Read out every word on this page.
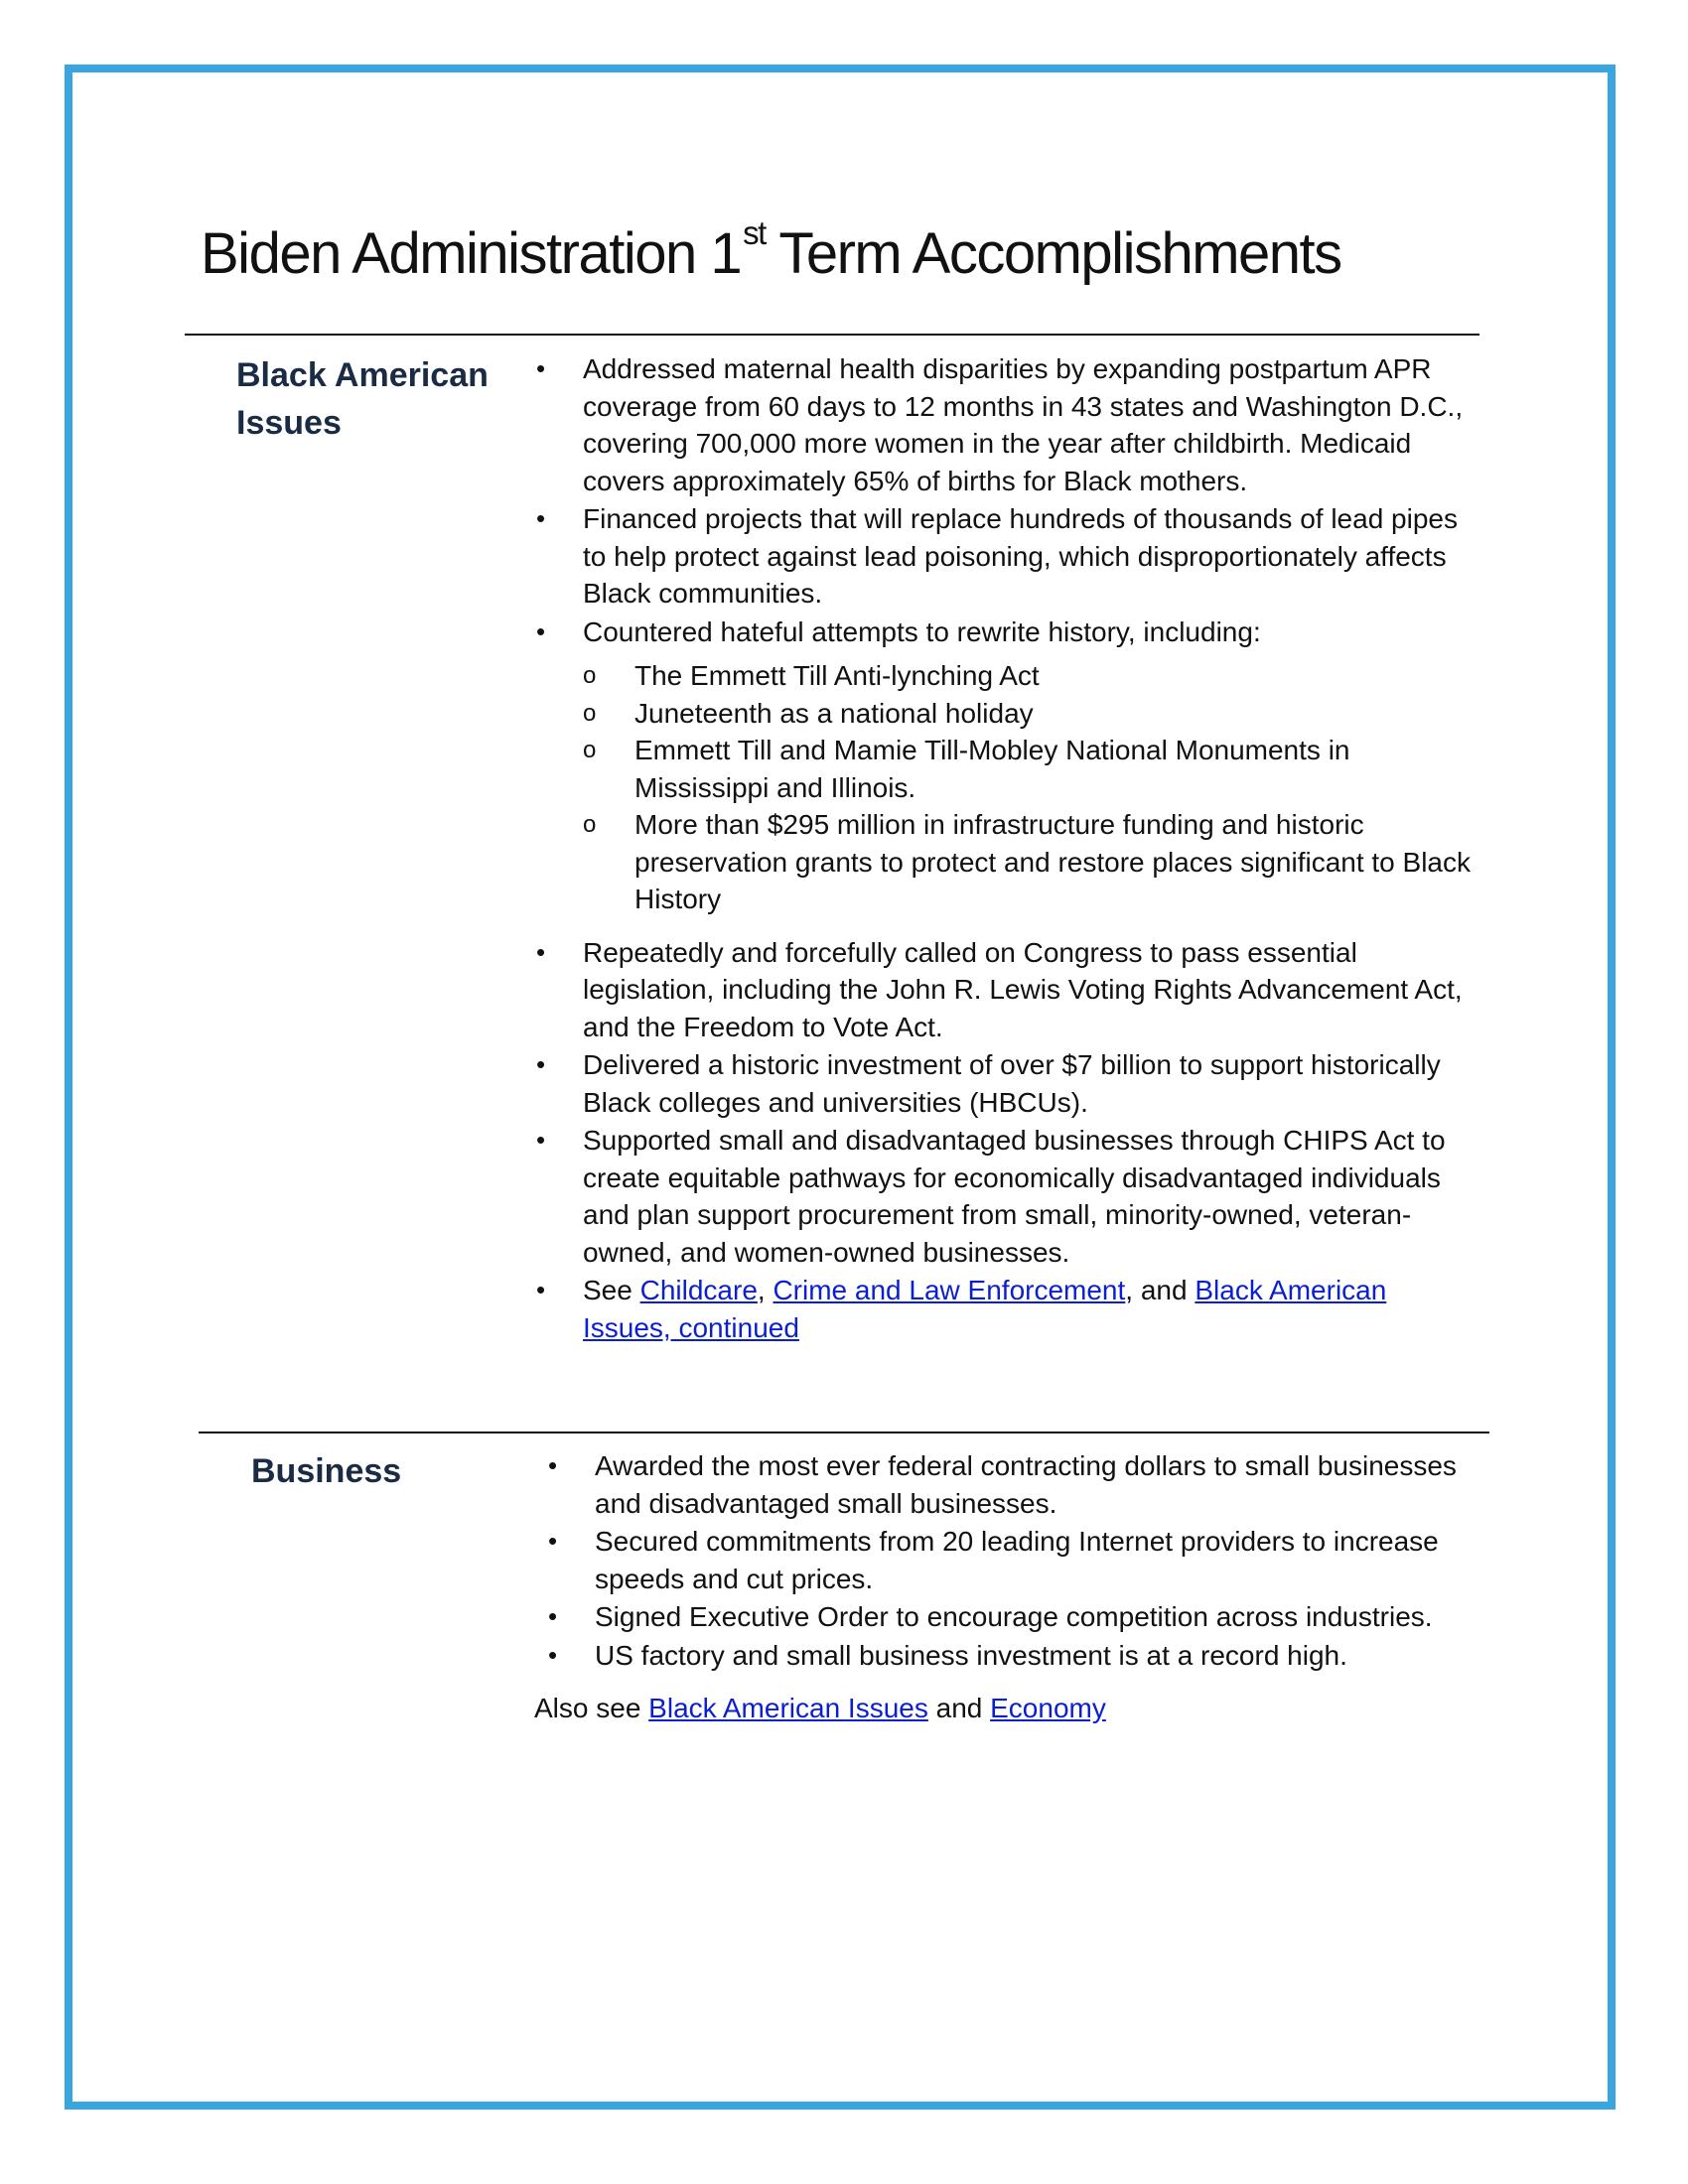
Biden Administration 1st Term Accomplishments
Black American Issues
•	Addressed maternal health disparities by expanding postpartum APR coverage from 60 days to 12 months in 43 states and Washington D.C., covering 700,000 more women in the year after childbirth. Medicaid covers approximately 65% of births for Black mothers.
•	Financed projects that will replace hundreds of thousands of lead pipes to help protect against lead poisoning, which disproportionately affects Black communities.
•	Countered hateful attempts to rewrite history, including:
o The Emmett Till Anti-lynching Act
o Juneteenth as a national holiday
o Emmett Till and Mamie Till-Mobley National Monuments in Mississippi and Illinois.
o More than $295 million in infrastructure funding and historic preservation grants to protect and restore places significant to Black History
•	Repeatedly and forcefully called on Congress to pass essential legislation, including the John R. Lewis Voting Rights Advancement Act, and the Freedom to Vote Act.
•	Delivered a historic investment of over $7 billion to support historically Black colleges and universities (HBCUs).
•	Supported small and disadvantaged businesses through CHIPS Act to create equitable pathways for economically disadvantaged individuals and plan support procurement from small, minority-owned, veteran-owned, and women-owned businesses.
•	See Childcare, Crime and Law Enforcement, and Black American Issues, continued
Business	•	Awarded the most ever federal contracting dollars to small businesses and disadvantaged small businesses.
•	Secured commitments from 20 leading Internet providers to increase speeds and cut prices.
•	Signed Executive Order to encourage competition across industries.
•	US factory and small business investment is at a record high.

Also see Black American Issues and Economy
